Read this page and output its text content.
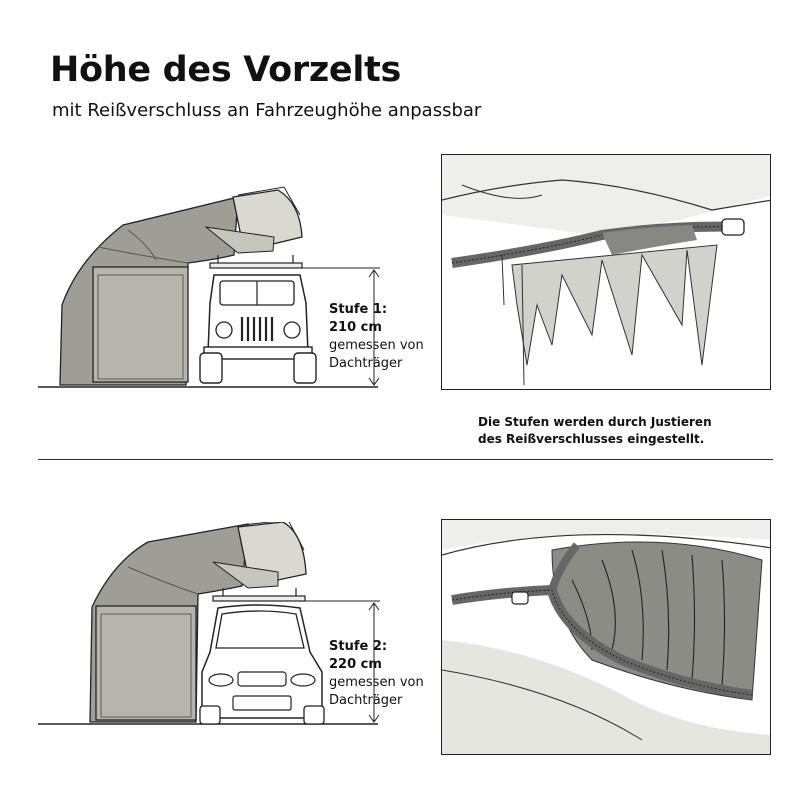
Höhe des Vorzelts
mit Reißverschluss an Fahrzeughöhe anpassbar
Stufe 1:
210 cm
gemessen von
Dachträger
Die Stufen werden durch Justieren
des Reißverschlusses eingestellt.
Stufe 2:
220 cm
gemessen von
Dachträger
